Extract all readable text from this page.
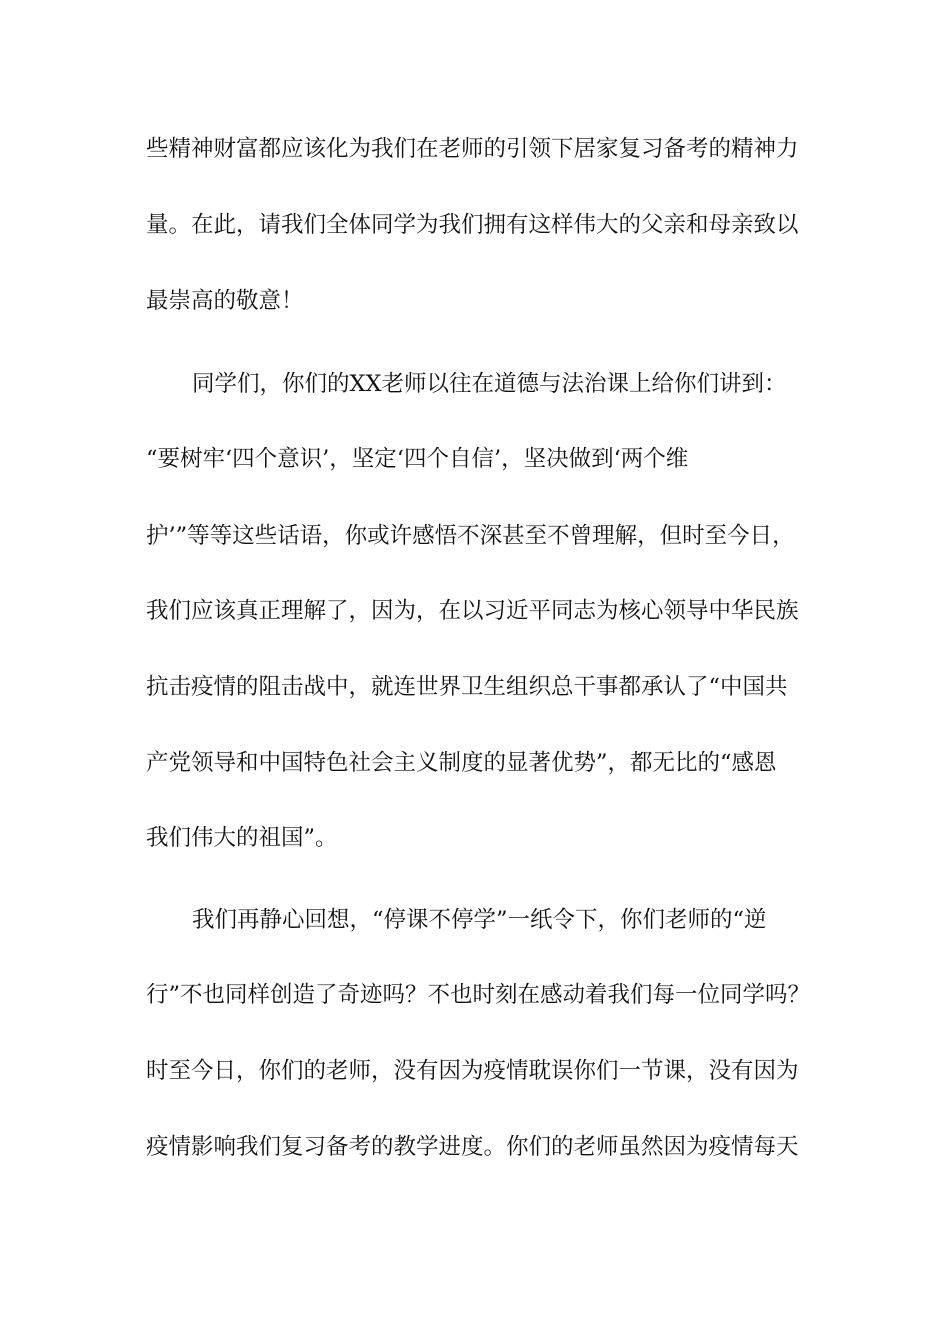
些精神财富都应该化为我们在老师的引领下居家复习备考的精神力
量。在此，请我们全体同学为我们拥有这样伟大的父亲和母亲致以
最崇高的敬意！
同学们，你们的XX老师以往在道德与法治课上给你们讲到：
“要树牢‘四个意识’，坚定‘四个自信’，坚决做到‘两个维
护’”等等这些话语，你或许感悟不深甚至不曾理解，但时至今日，
我们应该真正理解了，因为，在以习近平同志为核心领导中华民族
抗击疫情的阻击战中，就连世界卫生组织总干事都承认了“中国共
产党领导和中国特色社会主义制度的显著优势”，都无比的“感恩
我们伟大的祖国”。
我们再静心回想，“停课不停学”一纸令下，你们老师的“逆
行”不也同样创造了奇迹吗？不也时刻在感动着我们每一位同学吗？
时至今日，你们的老师，没有因为疫情耽误你们一节课，没有因为
疫情影响我们复习备考的教学进度。你们的老师虽然因为疫情每天
